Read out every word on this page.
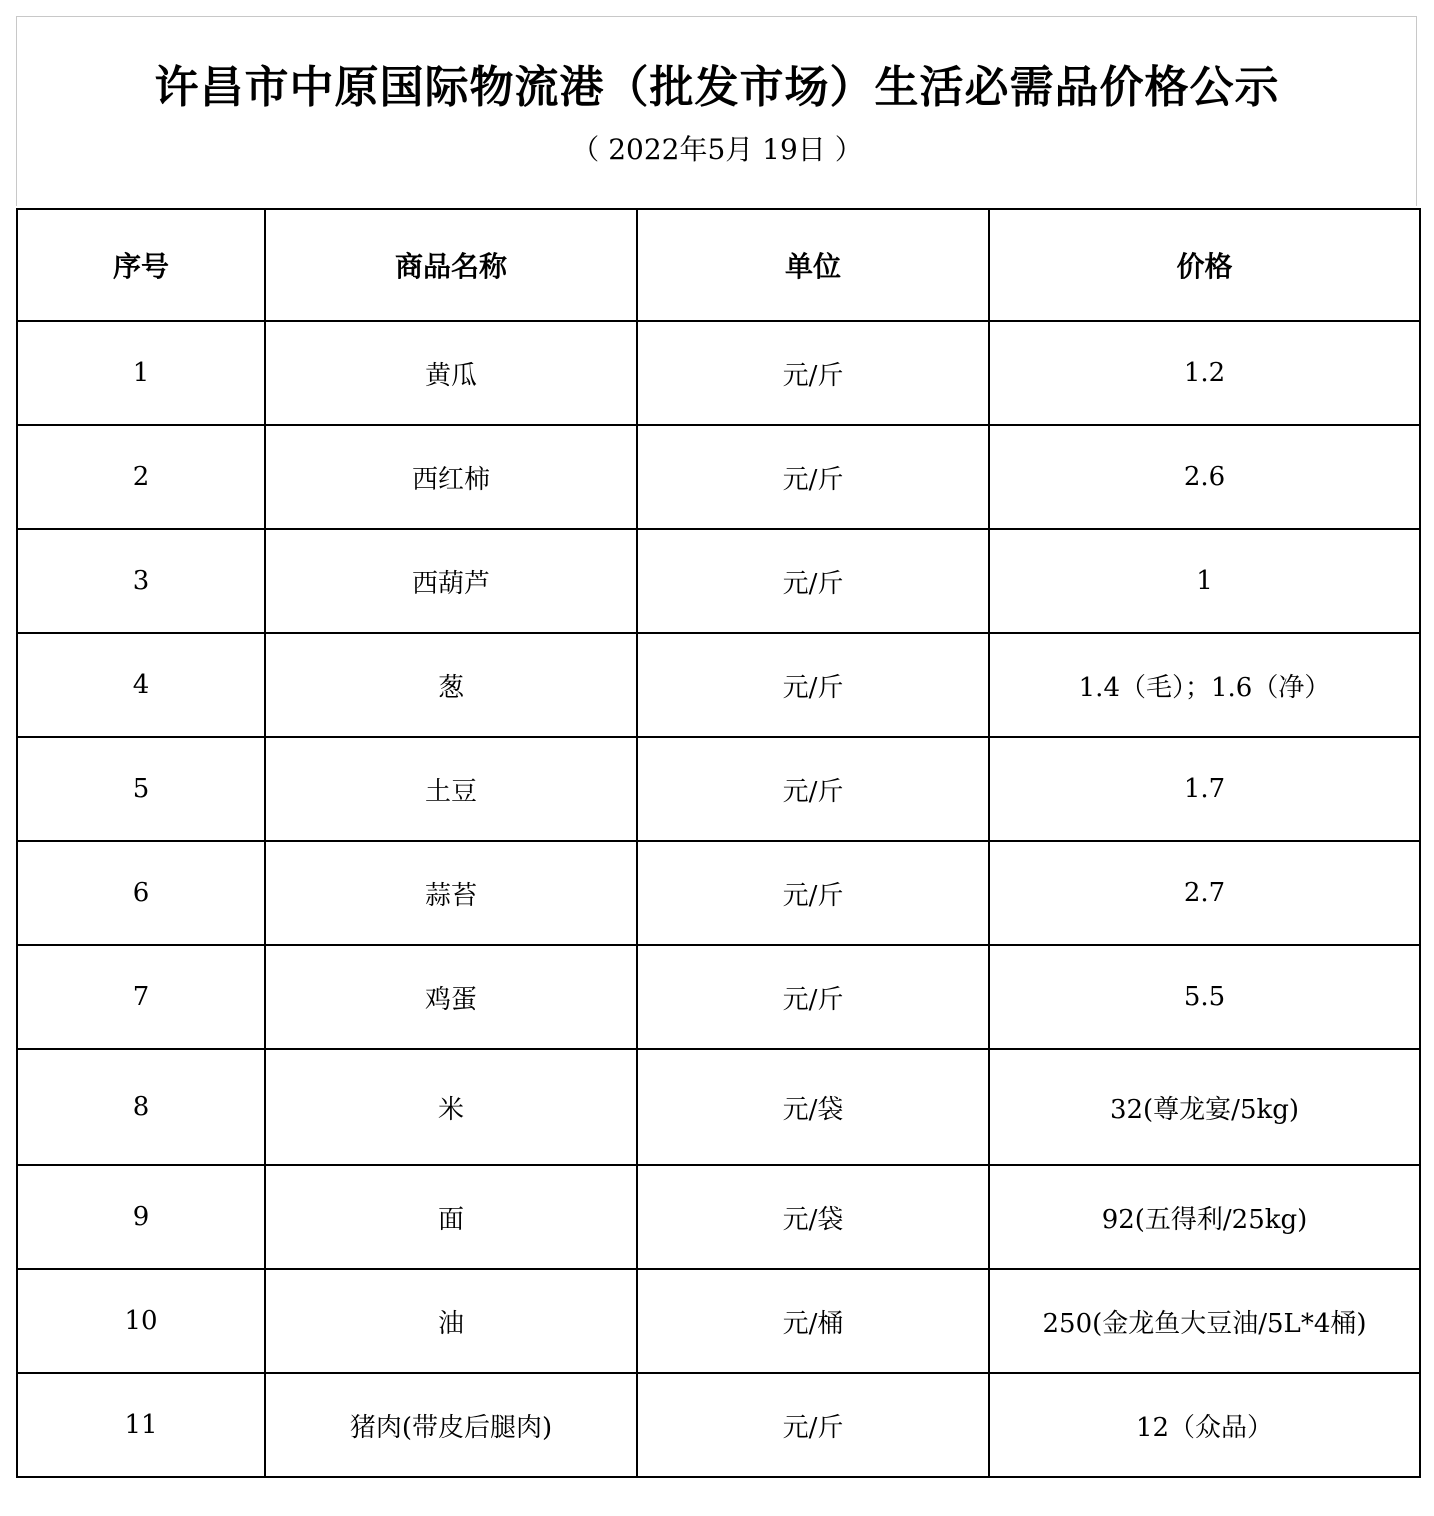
许昌市中原国际物流港（批发市场）生活必需品价格公示
（ 2022年5月 19日 ）
序号	商品名称	单位	价格
1	黄瓜	元/斤	1.2
2	西红柿	元/斤	2.6
3	西葫芦	元/斤	1
4	葱	元/斤	1.4（毛）；1.6（净）
5	土豆	元/斤	1.7
6	蒜苔	元/斤	2.7
7	鸡蛋	元/斤	5.5
8	米	元/袋	32(尊龙宴/5kg)
9	面	元/袋	92(五得利/25kg)
10	油	元/桶	250(金龙鱼大豆油/5L*4桶)
11	猪肉(带皮后腿肉)	元/斤	12（众品）
